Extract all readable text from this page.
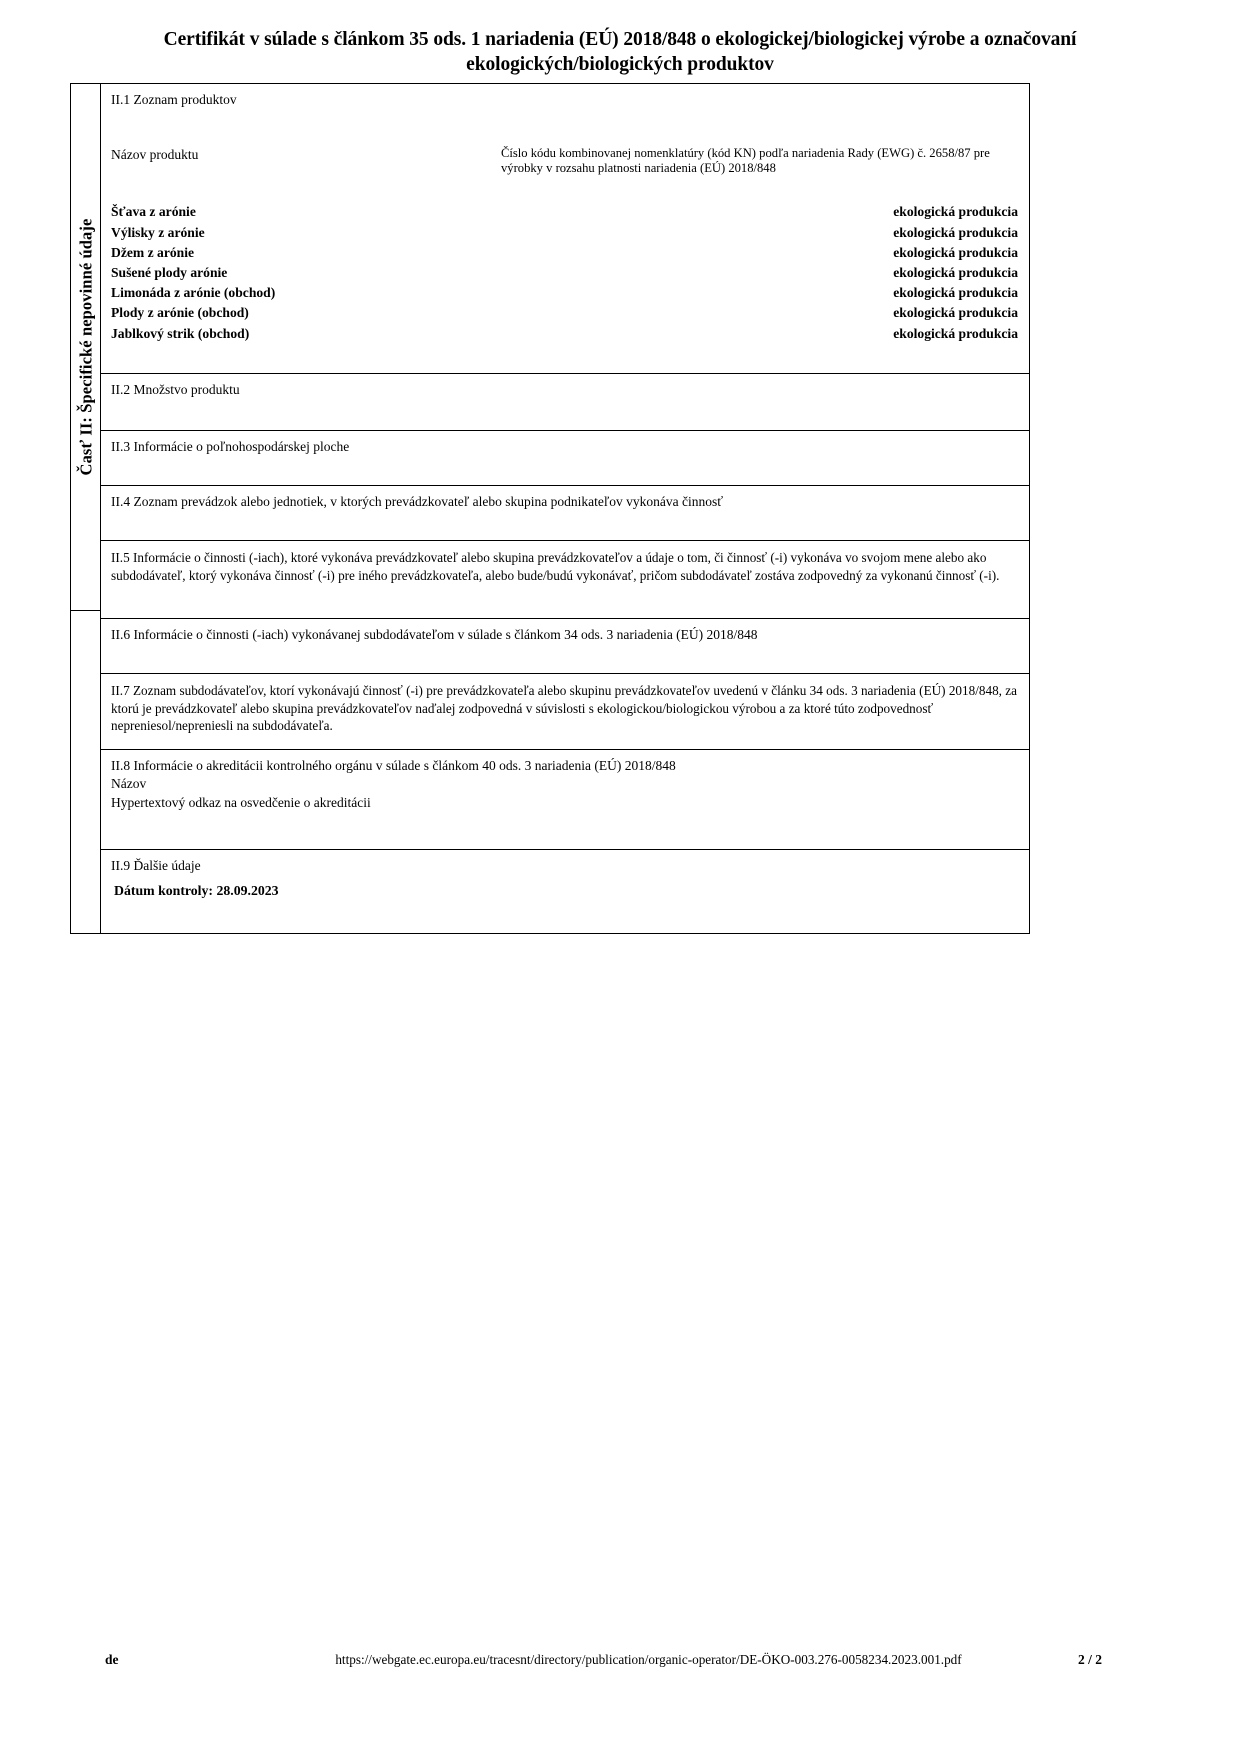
Certifikát v súlade s článkom 35 ods. 1 nariadenia (EÚ) 2018/848 o ekologickej/biologickej výrobe a označovaní ekologických/biologických produktov
Časť II: Špecifické nepovinné údaje
II.1 Zoznam produktov
Názov produktu	Číslo kódu kombinovanej nomenklatúry (kód KN) podľa nariadenia Rady (EWG) č. 2658/87 pre výrobky v rozsahu platnosti nariadenia (EÚ) 2018/848
Šťava z arónie	ekologická produkcia
Výlisky z arónie	ekologická produkcia
Džem z arónie	ekologická produkcia
Sušené plody arónie	ekologická produkcia
Limonáda z arónie (obchod)	ekologická produkcia
Plody z arónie (obchod)	ekologická produkcia
Jablkový strik (obchod)	ekologická produkcia
II.2 Množstvo produktu
II.3 Informácie o poľnohospodárskej ploche
II.4 Zoznam prevádzok alebo jednotiek, v ktorých prevádzkovateľ alebo skupina podnikateľov vykonáva činnosť
II.5 Informácie o činnosti (-iach), ktoré vykonáva prevádzkovateľ alebo skupina prevádzkovateľov a údaje o tom, či činnosť (-i) vykonáva vo svojom mene alebo ako subdodávateľ, ktorý vykonáva činnosť (-i) pre iného prevádzkovateľa, alebo bude/budú vykonávať, pričom subdodávateľ zostáva zodpovedný za vykonanú činnosť (-i).
II.6 Informácie o činnosti (-iach) vykonávanej subdodávateľom v súlade s článkom 34 ods. 3 nariadenia (EÚ) 2018/848
II.7 Zoznam subdodávateľov, ktorí vykonávajú činnosť (-i) pre prevádzkovateľa alebo skupinu prevádzkovateľov uvedenú v článku 34 ods. 3 nariadenia (EÚ) 2018/848, za ktorú je prevádzkovateľ alebo skupina prevádzkovateľov naďalej zodpovedná v súvislosti s ekologickou/biologickou výrobou a za ktoré túto zodpovednosť nepreniesol/nepreniesli na subdodávateľa.
II.8 Informácie o akreditácii kontrolného orgánu v súlade s článkom 40 ods. 3 nariadenia (EÚ) 2018/848
Názov
Hypertextový odkaz na osvedčenie o akreditácii
II.9 Ďalšie údaje
Dátum kontroly: 28.09.2023
de	https://webgate.ec.europa.eu/tracesnt/directory/publication/organic-operator/DE-ÖKO-003.276-0058234.2023.001.pdf	2 / 2
